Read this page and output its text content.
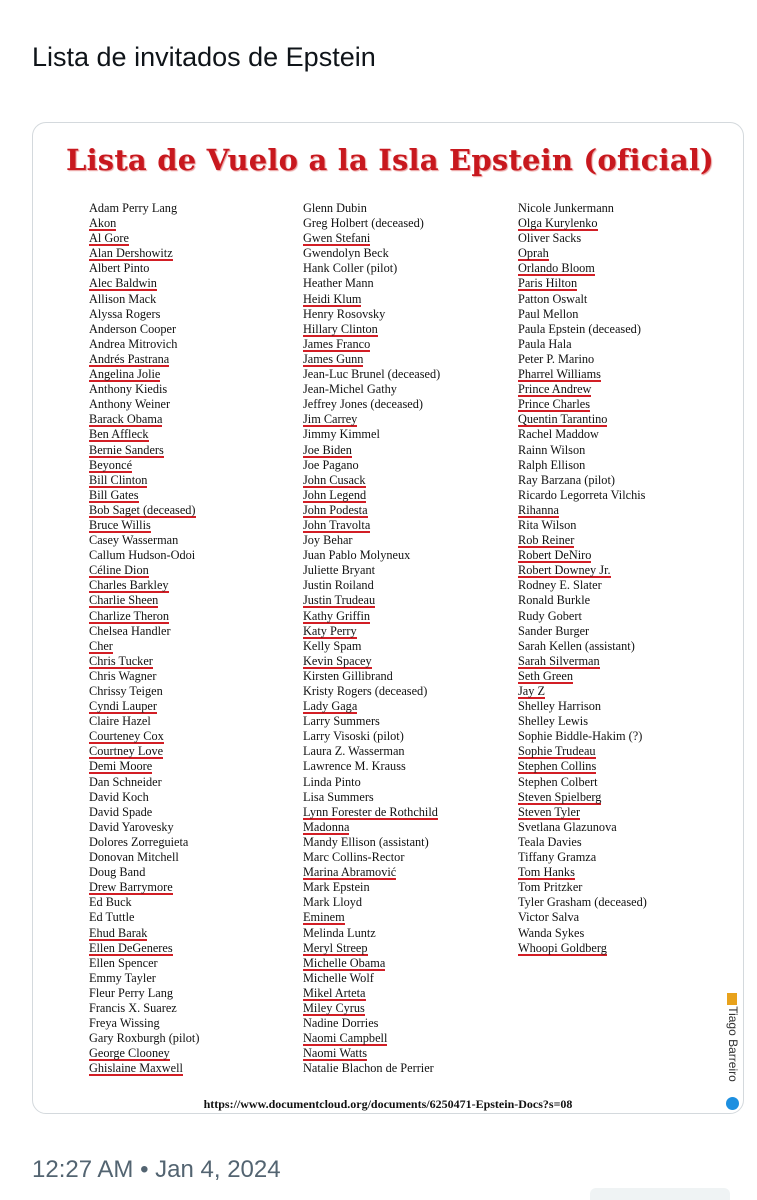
Lista de invitados de Epstein
Lista de Vuelo a la Isla Epstein (oficial)
Adam Perry Lang
Akon
Al Gore
Alan Dershowitz
Albert Pinto
Alec Baldwin
Allison Mack
Alyssa Rogers
Anderson Cooper
Andrea Mitrovich
Andrés Pastrana
Angelina Jolie
Anthony Kiedis
Anthony Weiner
Barack Obama
Ben Affleck
Bernie Sanders
Beyoncé
Bill Clinton
Bill Gates
Bob Saget (deceased)
Bruce Willis
Casey Wasserman
Callum Hudson-Odoi
Céline Dion
Charles Barkley
Charlie Sheen
Charlize Theron
Chelsea Handler
Cher
Chris Tucker
Chris Wagner
Chrissy Teigen
Cyndi Lauper
Claire Hazel
Courteney Cox
Courtney Love
Demi Moore
Dan Schneider
David Koch
David Spade
David Yarovesky
Dolores Zorreguieta
Donovan Mitchell
Doug Band
Drew Barrymore
Ed Buck
Ed Tuttle
Ehud Barak
Ellen DeGeneres
Ellen Spencer
Emmy Tayler
Fleur Perry Lang
Francis X. Suarez
Freya Wissing
Gary Roxburgh (pilot)
George Clooney
Ghislaine Maxwell
Glenn Dubin
Greg Holbert (deceased)
Gwen Stefani
Gwendolyn Beck
Hank Coller (pilot)
Heather Mann
Heidi Klum
Henry Rosovsky
Hillary Clinton
James Franco
James Gunn
Jean-Luc Brunel (deceased)
Jean-Michel Gathy
Jeffrey Jones (deceased)
Jim Carrey
Jimmy Kimmel
Joe Biden
Joe Pagano
John Cusack
John Legend
John Podesta
John Travolta
Joy Behar
Juan Pablo Molyneux
Juliette Bryant
Justin Roiland
Justin Trudeau
Kathy Griffin
Katy Perry
Kelly Spam
Kevin Spacey
Kirsten Gillibrand
Kristy Rogers (deceased)
Lady Gaga
Larry Summers
Larry Visoski (pilot)
Laura Z. Wasserman
Lawrence M. Krauss
Linda Pinto
Lisa Summers
Lynn Forester de Rothchild
Madonna
Mandy Ellison (assistant)
Marc Collins-Rector
Marina Abramović
Mark Epstein
Mark Lloyd
Eminem
Melinda Luntz
Meryl Streep
Michelle Obama
Michelle Wolf
Mikel Arteta
Miley Cyrus
Nadine Dorries
Naomi Campbell
Naomi Watts
Natalie Blachon de Perrier
Nicole Junkermann
Olga Kurylenko
Oliver Sacks
Oprah
Orlando Bloom
Paris Hilton
Patton Oswalt
Paul Mellon
Paula Epstein (deceased)
Paula Hala
Peter P. Marino
Pharrel Williams
Prince Andrew
Prince Charles
Quentin Tarantino
Rachel Maddow
Rainn Wilson
Ralph Ellison
Ray Barzana (pilot)
Ricardo Legorreta Vilchis
Rihanna
Rita Wilson
Rob Reiner
Robert DeNiro
Robert Downey Jr.
Rodney E. Slater
Ronald Burkle
Rudy Gobert
Sander Burger
Sarah Kellen (assistant)
Sarah Silverman
Seth Green
Jay Z
Shelley Harrison
Shelley Lewis
Sophie Biddle-Hakim (?)
Sophie Trudeau
Stephen Collins
Stephen Colbert
Steven Spielberg
Steven Tyler
Svetlana Glazunova
Teala Davies
Tiffany Gramza
Tom Hanks
Tom Pritzker
Tyler Grasham (deceased)
Victor Salva
Wanda Sykes
Whoopi Goldberg
https://www.documentcloud.org/documents/6250471-Epstein-Docs?s=08
Tiago Barreiro
12:27 AM • Jan 4, 2024
